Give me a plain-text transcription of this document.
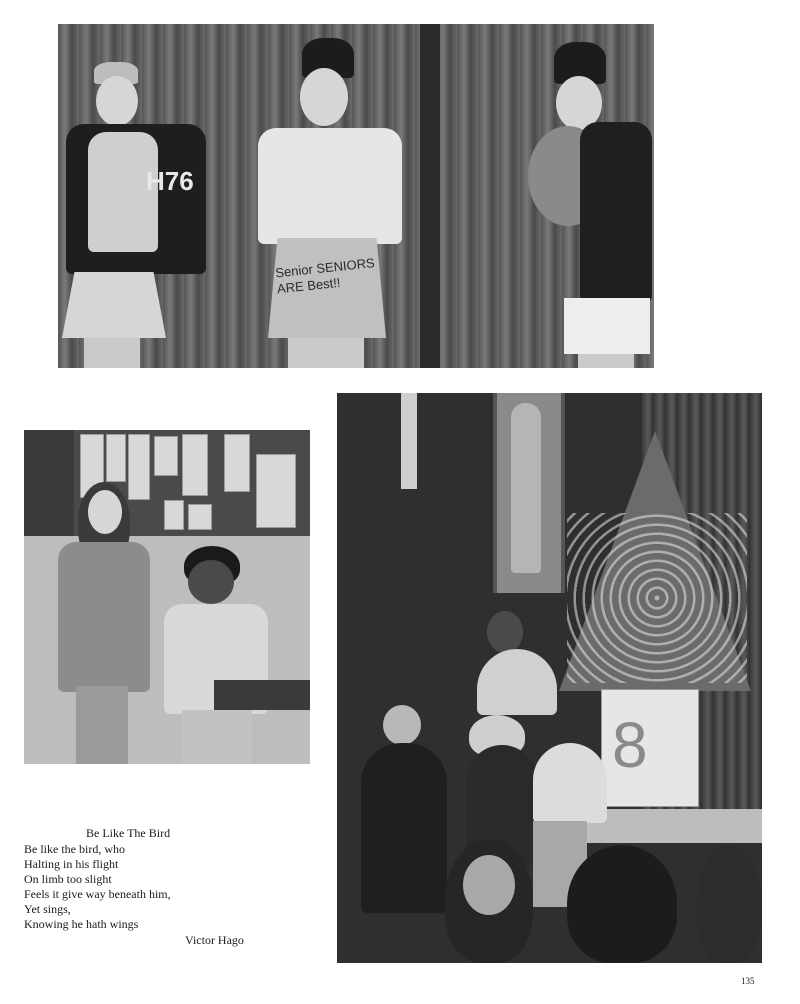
H76
Senior SENIORS ARE Best!!
8
Be Like The Bird
Be like the bird, who
Halting in his flight
On limb too slight
Feels it give way beneath him,
Yet sings,
Knowing he hath wings
Victor Hago
135
